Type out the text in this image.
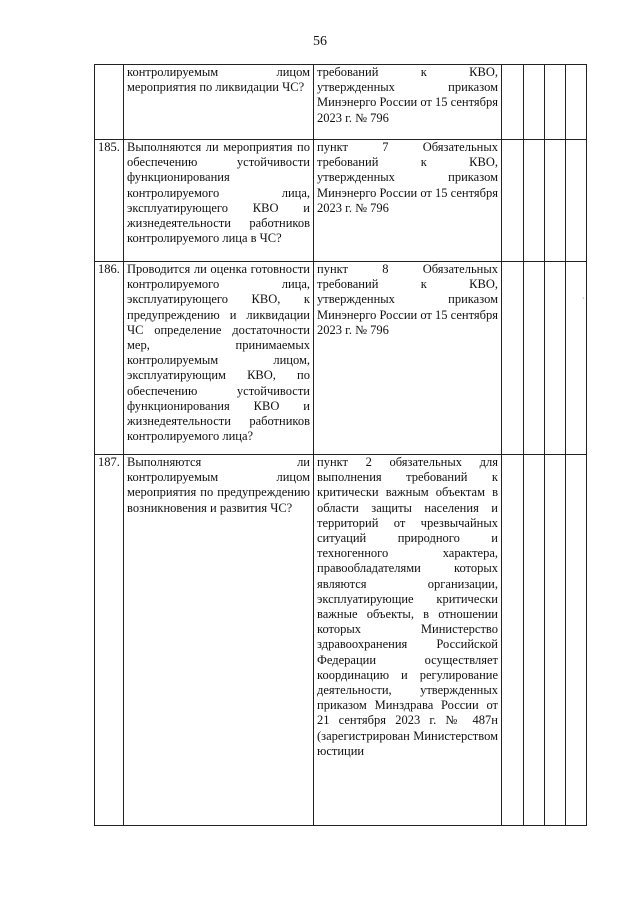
56
	контролируемым лицом мероприятия по ликвидации ЧС?	требований к КВО, утвержденных приказом Минэнерго России от 15 сентября 2023 г. № 796				
185.	Выполняются ли мероприятия по обеспечению устойчивости функционирования контролируемого лица, эксплуатирующего КВО и жизнедеятельности работников контролируемого лица в ЧС?	пункт 7 Обязательных требований к КВО, утвержденных приказом Минэнерго России от 15 сентября 2023 г. № 796				
186.	Проводится ли оценка готовности контролируемого лица, эксплуатирующего КВО, к предупреждению и ликвидации ЧС определение достаточности мер, принимаемых контролируемым лицом, эксплуатирующим КВО, по обеспечению устойчивости функционирования КВО и жизнедеятельности работников контролируемого лица?	пункт 8 Обязательных требований к КВО, утвержденных приказом Минэнерго России от 15 сентября 2023 г. № 796				
187.	Выполняются ли контролируемым лицом мероприятия по предупреждению возникновения и развития ЧС?	пункт 2 обязательных для выполнения требований к критически важным объектам в области защиты населения и территорий от чрезвычайных ситуаций природного и техногенного характера, правообладателями которых являются организации, эксплуатирующие критически важные объекты, в отношении которых Министерство здравоохранения Российской Федерации осуществляет координацию и регулирование деятельности, утвержденных приказом Минздрава России от 21 сентября 2023 г. № 487н (зарегистрирован Министерством юстиции				
`
